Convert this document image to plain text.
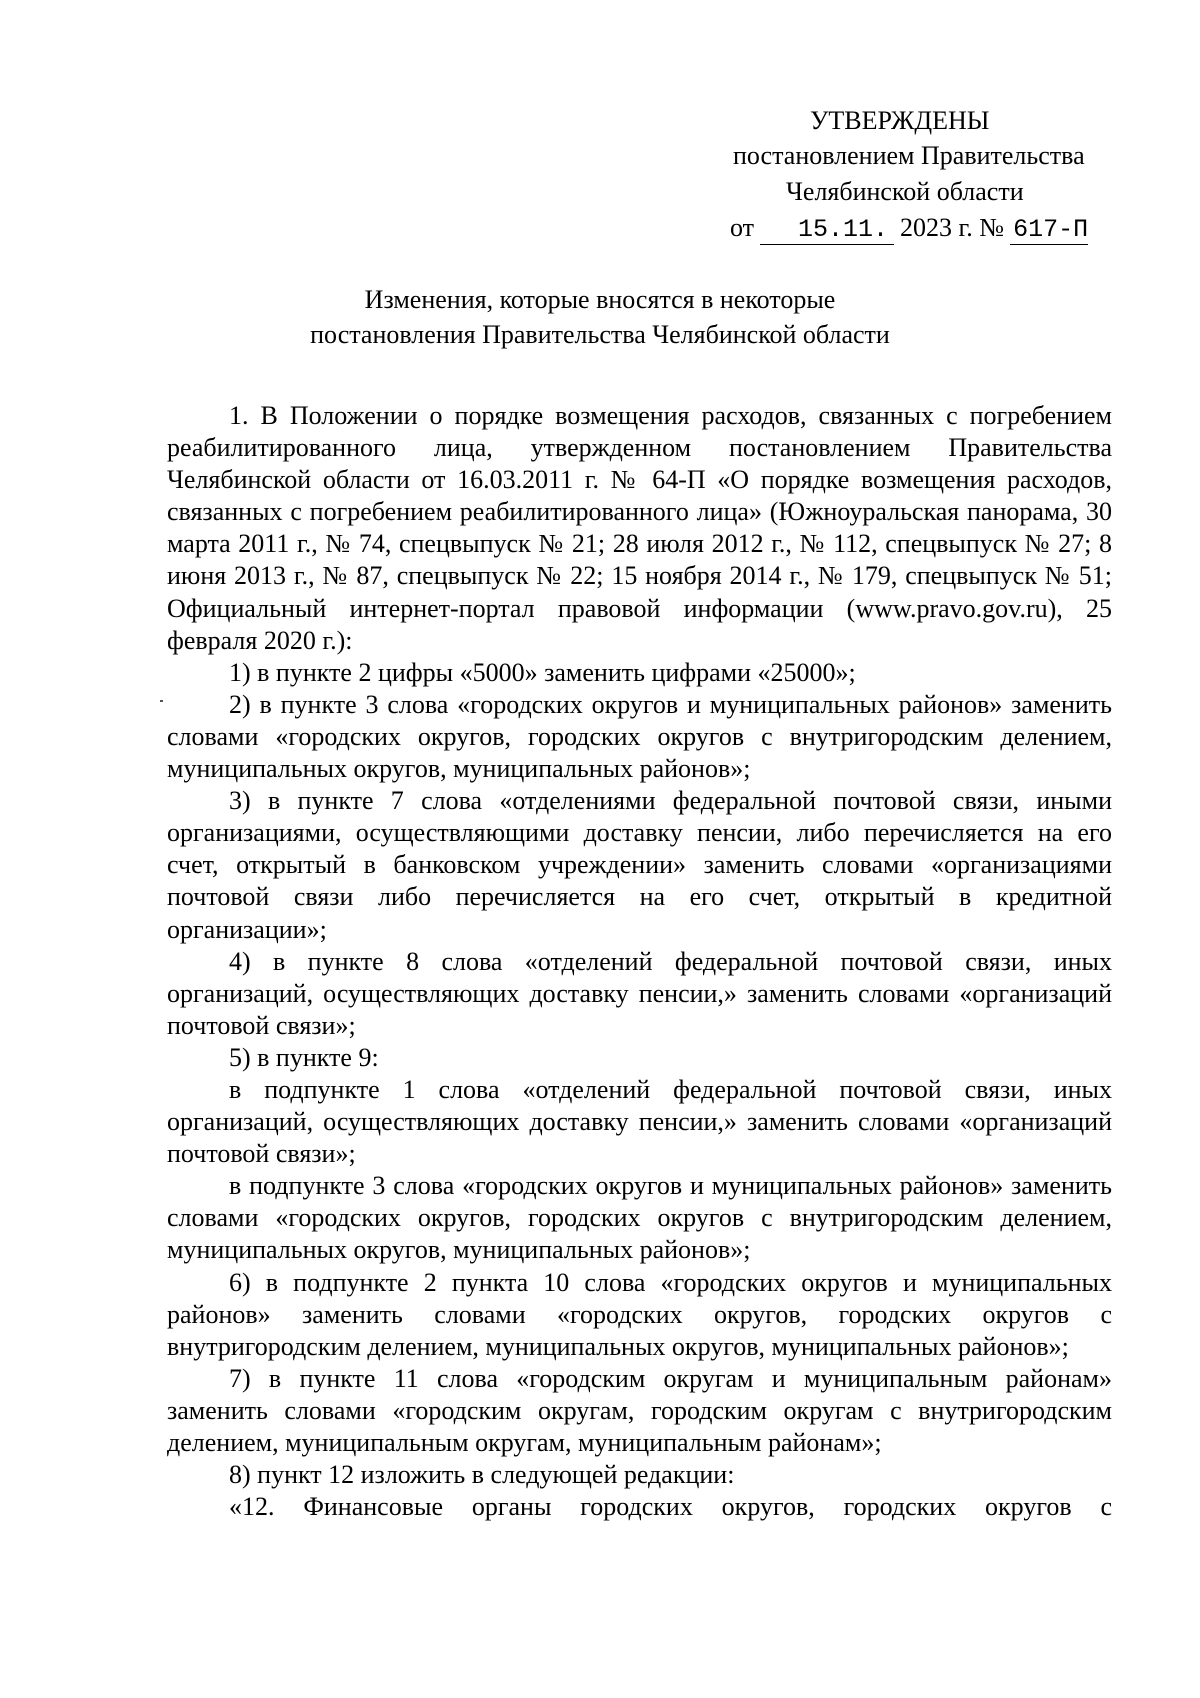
УТВЕРЖДЕНЫ
постановлением Правительства
Челябинской области
от	15.11. 2023 г. № 617-П
Изменения, которые вносятся в некоторые
постановления Правительства Челябинской области

1. В Положении о порядке возмещения расходов, связанных с погребением реабилитированного лица, утвержденном постановлением Правительства Челябинской области от 16.03.2011 г. № 64-П «О порядке возмещения расходов, связанных с погребением реабилитированного лица» (Южноуральская панорама, 30 марта 2011 г., № 74, спецвыпуск № 21; 28 июля 2012 г., № 112, спецвыпуск № 27; 8 июня 2013 г., № 87, спецвыпуск № 22; 15 ноября 2014 г., № 179, спецвыпуск № 51; Официальный интернет-портал правовой информации (www.pravo.gov.ru), 25 февраля 2020 г.):

1) в пункте 2 цифры «5000» заменить цифрами «25000»;

2) в пункте 3 слова «городских округов и муниципальных районов» заменить словами «городских округов, городских округов с внутригородским делением, муниципальных округов, муниципальных районов»;

3) в пункте 7 слова «отделениями федеральной почтовой связи, иными организациями, осуществляющими доставку пенсии, либо перечисляется на его счет, открытый в банковском учреждении» заменить словами «организациями почтовой связи либо перечисляется на его счет, открытый в кредитной организации»;

4) в пункте 8 слова «отделений федеральной почтовой связи, иных организаций, осуществляющих доставку пенсии,» заменить словами «организаций почтовой связи»;

5) в пункте 9:

в подпункте 1 слова «отделений федеральной почтовой связи, иных организаций, осуществляющих доставку пенсии,» заменить словами «организаций почтовой связи»;

в подпункте 3 слова «городских округов и муниципальных районов» заменить словами «городских округов, городских округов с внутригородским делением, муниципальных округов, муниципальных районов»;

6) в подпункте 2 пункта 10 слова «городских округов и муниципальных районов» заменить словами «городских округов, городских округов с внутригородским делением, муниципальных округов, муниципальных районов»;

7) в пункте 11 слова «городским округам и муниципальным районам» заменить словами «городским округам, городским округам с внутригородским делением, муниципальным округам, муниципальным районам»;

8) пункт 12 изложить в следующей редакции:

«12. Финансовые органы городских округов, городских округов с
